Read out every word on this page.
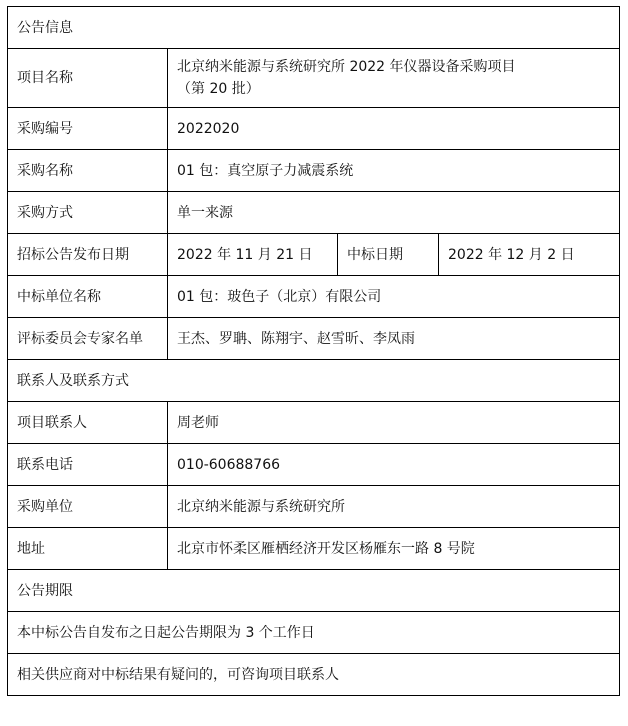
公告信息			
项目名称	北京纳米能源与系统研究所 2022 年仪器设备采购项目
（第 20 批）		

采购编号	2022020		
采购名称	01 包：真空原子力减震系统		
采购方式	单一来源		
招标公告发布日期	2022 年 11 月 21 日	中标日期	2022 年 12 月 2 日
中标单位名称	01 包：玻色子（北京）有限公司		
评标委员会专家名单	王杰、罗聃、陈翔宇、赵雪昕、李凤雨		
联系人及联系方式			
项目联系人	周老师		
联系电话	010-60688766		
采购单位	北京纳米能源与系统研究所		
地址	北京市怀柔区雁栖经济开发区杨雁东一路 8 号院		
公告期限			
本中标公告自发布之日起公告期限为 3 个工作日			
相关供应商对中标结果有疑问的，可咨询项目联系人			
